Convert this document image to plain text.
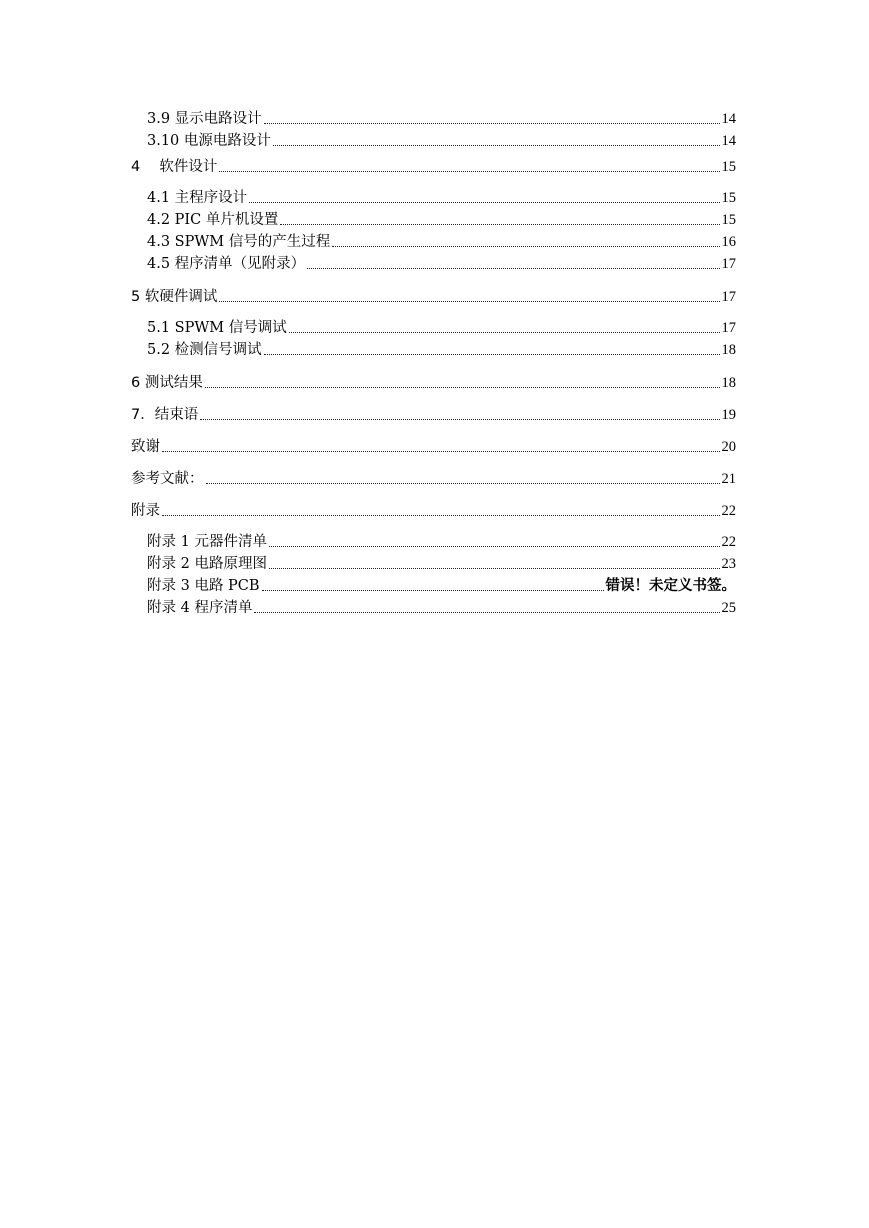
3.9 显示电路设计	14
3.10 电源电路设计	14
4　 软件设计	15
4.1 主程序设计	15
4.2 PIC 单片机设置	15
4.3 SPWM 信号的产生过程	16
4.5 程序清单（见附录）	17
5 软硬件调试	17
5.1 SPWM 信号调试	17
5.2 检测信号调试	18
6 测试结果	18
7．结束语	19
致谢	20
参考文献：	21
附录	22
附录 1 元器件清单	22
附录 2 电路原理图	23
附录 3 电路 PCB	错误！未定义书签。
附录 4 程序清单	25
